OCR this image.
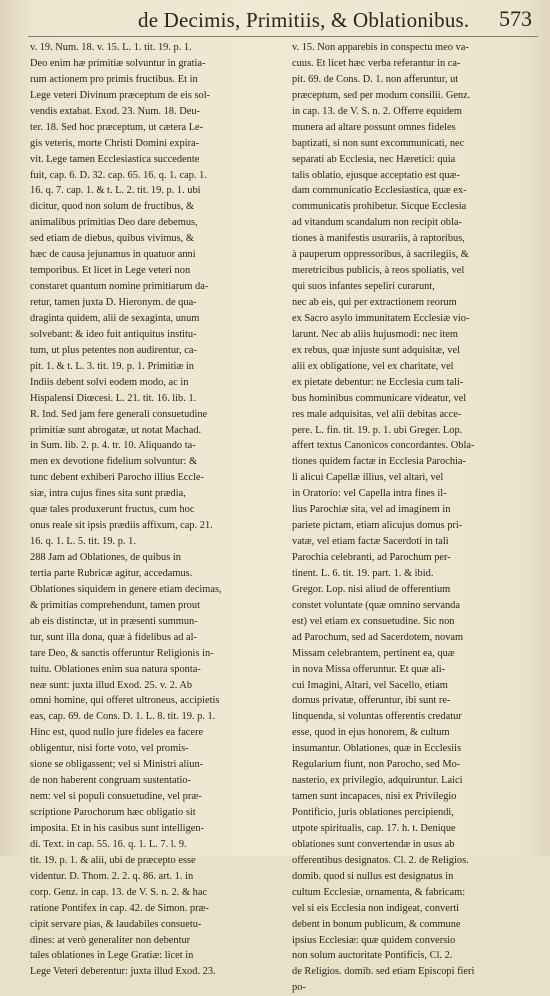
de Decimis, Primitiis, & Oblationibus. 573
v. 19. Num. 18. v. 15. L. 1. tit. 19. p. 1.
Deo enim hæ primitiæ solvuntur in gratia-
rum actionem pro primis fructibus. Et in
Lege veteri Divinum præceptum de eis sol-
vendis extabat. Exod. 23. Num. 18. Deu-
ter. 18. Sed hoc præceptum, ut cætera Le-
gis veteris, morte Christi Domini expira-
vit. Lege tamen Ecclesiastica succedente
fuit, cap. 6. D. 32. cap. 65. 16. q. 1. cap. 1.
16. q. 7. cap. 1. & t. L. 2. tit. 19. p. 1. ubi
dicitur, quod non solum de fructibus, &
animalibus primitias Deo dare debemus,
sed etiam de diebus, quibus vivimus, &
hæc de causa jejunamus in quatuor anni
temporibus. Et licet in Lege veteri non
constaret quantum nomine primitiarum da-
retur, tamen juxta D. Hieronym. de qua-
draginta quidem, alii de sexaginta, unum
solvebant: & ideo fuit antiquitus institu-
tum, ut plus petentes non audirentur, ca-
pit. 1. & t. L. 3. tit. 19. p. 1. Primitiæ in
Indiis debent solvi eodem modo, ac in
Hispalensi Diœcesi. L. 21. tit. 16. lib. 1.
R. Ind. Sed jam fere generali consuetudine
primitiæ sunt abrogatæ, ut notat Machad.
in Sum. lib. 2. p. 4. tr. 10. Aliquando ta-
men ex devotione fidelium solvuntur: &
tunc debent exhiberi Parocho illius Eccle-
siæ, intra cujus fines sita sunt prædia,
quæ tales produxerunt fructus, cum hoc
onus reale sit ipsis prædiis affixum, cap. 21.
16. q. 1. L. 5. tit. 19. p. 1.
288 Jam ad Oblationes, de quibus in
tertia parte Rubricæ agitur, accedamus.
Oblationes siquidem in genere etiam decimas,
& primitias comprehendunt, tamen prout
ab eis distinctæ, ut in præsenti summun-
tur, sunt illa dona, quæ à fidelibus ad al-
tare Deo, & sanctis offeruntur Religionis in-
tuitu. Oblationes enim sua natura sponta-
neæ sunt: juxta illud Exod. 25. v. 2. Ab
omni homine, qui offeret ultroneus, accipietis
eas, cap. 69. de Cons. D. 1. L. 8. tit. 19. p. 1.
Hinc est, quod nullo jure fideles ea facere
obligentur, nisi forte voto, vel promis-
sione se obligassent; vel si Ministri aliun-
de non haberent congruam sustentatio-
nem: vel si populi consuetudine, vel præ-
scriptione Parochorum hæc obligatio sit
imposita. Et in his casibus sunt intelligen-
di. Text. in cap. 55. 16. q. 1. L. 7. l. 9.
tit. 19. p. 1. & alii, ubi de præcepto esse
videntur. D. Thom. 2. 2. q. 86. art. 1. in
corp. Genz. in cap. 13. de V. S. n. 2. & hac
ratione Pontifex in cap. 42. de Simon. præ-
cipit servare pias, & laudabiles consuetu-
dines: at verò generaliter non debentur
tales oblationes in Lege Gratiæ: licet in
Lege Veteri deberentur: juxta illud Exod. 23.
v. 15. Non apparebis in conspectu meo va-
cuus. Et licet hæc verba referantur in ca-
pit. 69. de Cons. D. 1. non afferuntur, ut
præceptum, sed per modum consilii. Genz.
in cap. 13. de V. S. n. 2. Offerre equidem
munera ad altare possunt omnes fideles
baptizati, si non sunt excommunicati, nec
separati ab Ecclesia, nec Hæretici: quia
talis oblatio, ejusque acceptatio est quæ-
dam communicatio Ecclesiastica, quæ ex-
communicatis prohibetur. Sicque Ecclesia
ad vitandum scandalum non recipit obla-
tiones à manifestis usurariis, à raptoribus,
à pauperum oppressoribus, à sacrilegiis, &
meretricibus publicis, à reos spoliatis, vel
qui suos infantes sepeliri curarunt,
nec ab eis, qui per extractionem reorum
ex Sacro asylo immunitatem Ecclesiæ vio-
larunt. Nec ab aliis hujusmodi: nec item
ex rebus, quæ injuste sunt adquisitæ, vel
alii ex obligatione, vel ex charitate, vel
ex pietate debentur: ne Ecclesia cum tali-
bus hominibus communicare videatur, vel
res male adquisitas, vel alii debitas acce-
pere. L. fin. tit. 19. p. 1. ubi Greger. Lop.
affert textus Canonicos concordantes. Obla-
tiones quidem factæ in Ecclesia Parochia-
li alicui Capellæ illius, vel altari, vel
in Oratorio: vel Capella intra fines il-
lius Parochiæ sita, vel ad imaginem in
pariete pictam, etiam alicujus domus pri-
vatæ, vel etiam factæ Sacerdoti in tali
Parochia celebranti, ad Parochum per-
tinent. L. 6. tit. 19. part. 1. & ibid.
Gregor. Lop. nisi aliud de offerentium
constet voluntate (quæ omnino servanda
est) vel etiam ex consuetudine. Sic non
ad Parochum, sed ad Sacerdotem, novam
Missam celebrantem, pertinent ea, quæ
in nova Missa offeruntur. Et quæ ali-
cui Imagini, Altari, vel Sacello, etiam
domus privatæ, offeruntur, ibi sunt re-
linquenda, si voluntas offerentis credatur
esse, quod in ejus honorem, & cultum
insumantur. Oblationes, quæ in Ecclesiis
Regularium fiunt, non Parocho, sed Mo-
nasterio, ex privilegio, adquiruntur. Laici
tamen sunt incapaces, nisi ex Privilegio
Pontificio, juris oblationes percipiendi,
utpote spiritualis, cap. 17. h. t. Denique
oblationes sunt convertendæ in usus ab
offerentibus designatos. Cl. 2. de Religios.
domib. quod si nullus est designatus in
cultum Ecclesiæ, ornamenta, & fabricam:
vel si eis Ecclesia non indigeat, converti
debent in bonum publicum, & commune
ipsius Ecclesiæ: quæ quidem conversio
non solum auctoritate Pontificis, Cl. 2.
de Religios. domib. sed etiam Episcopi fieri
po-
